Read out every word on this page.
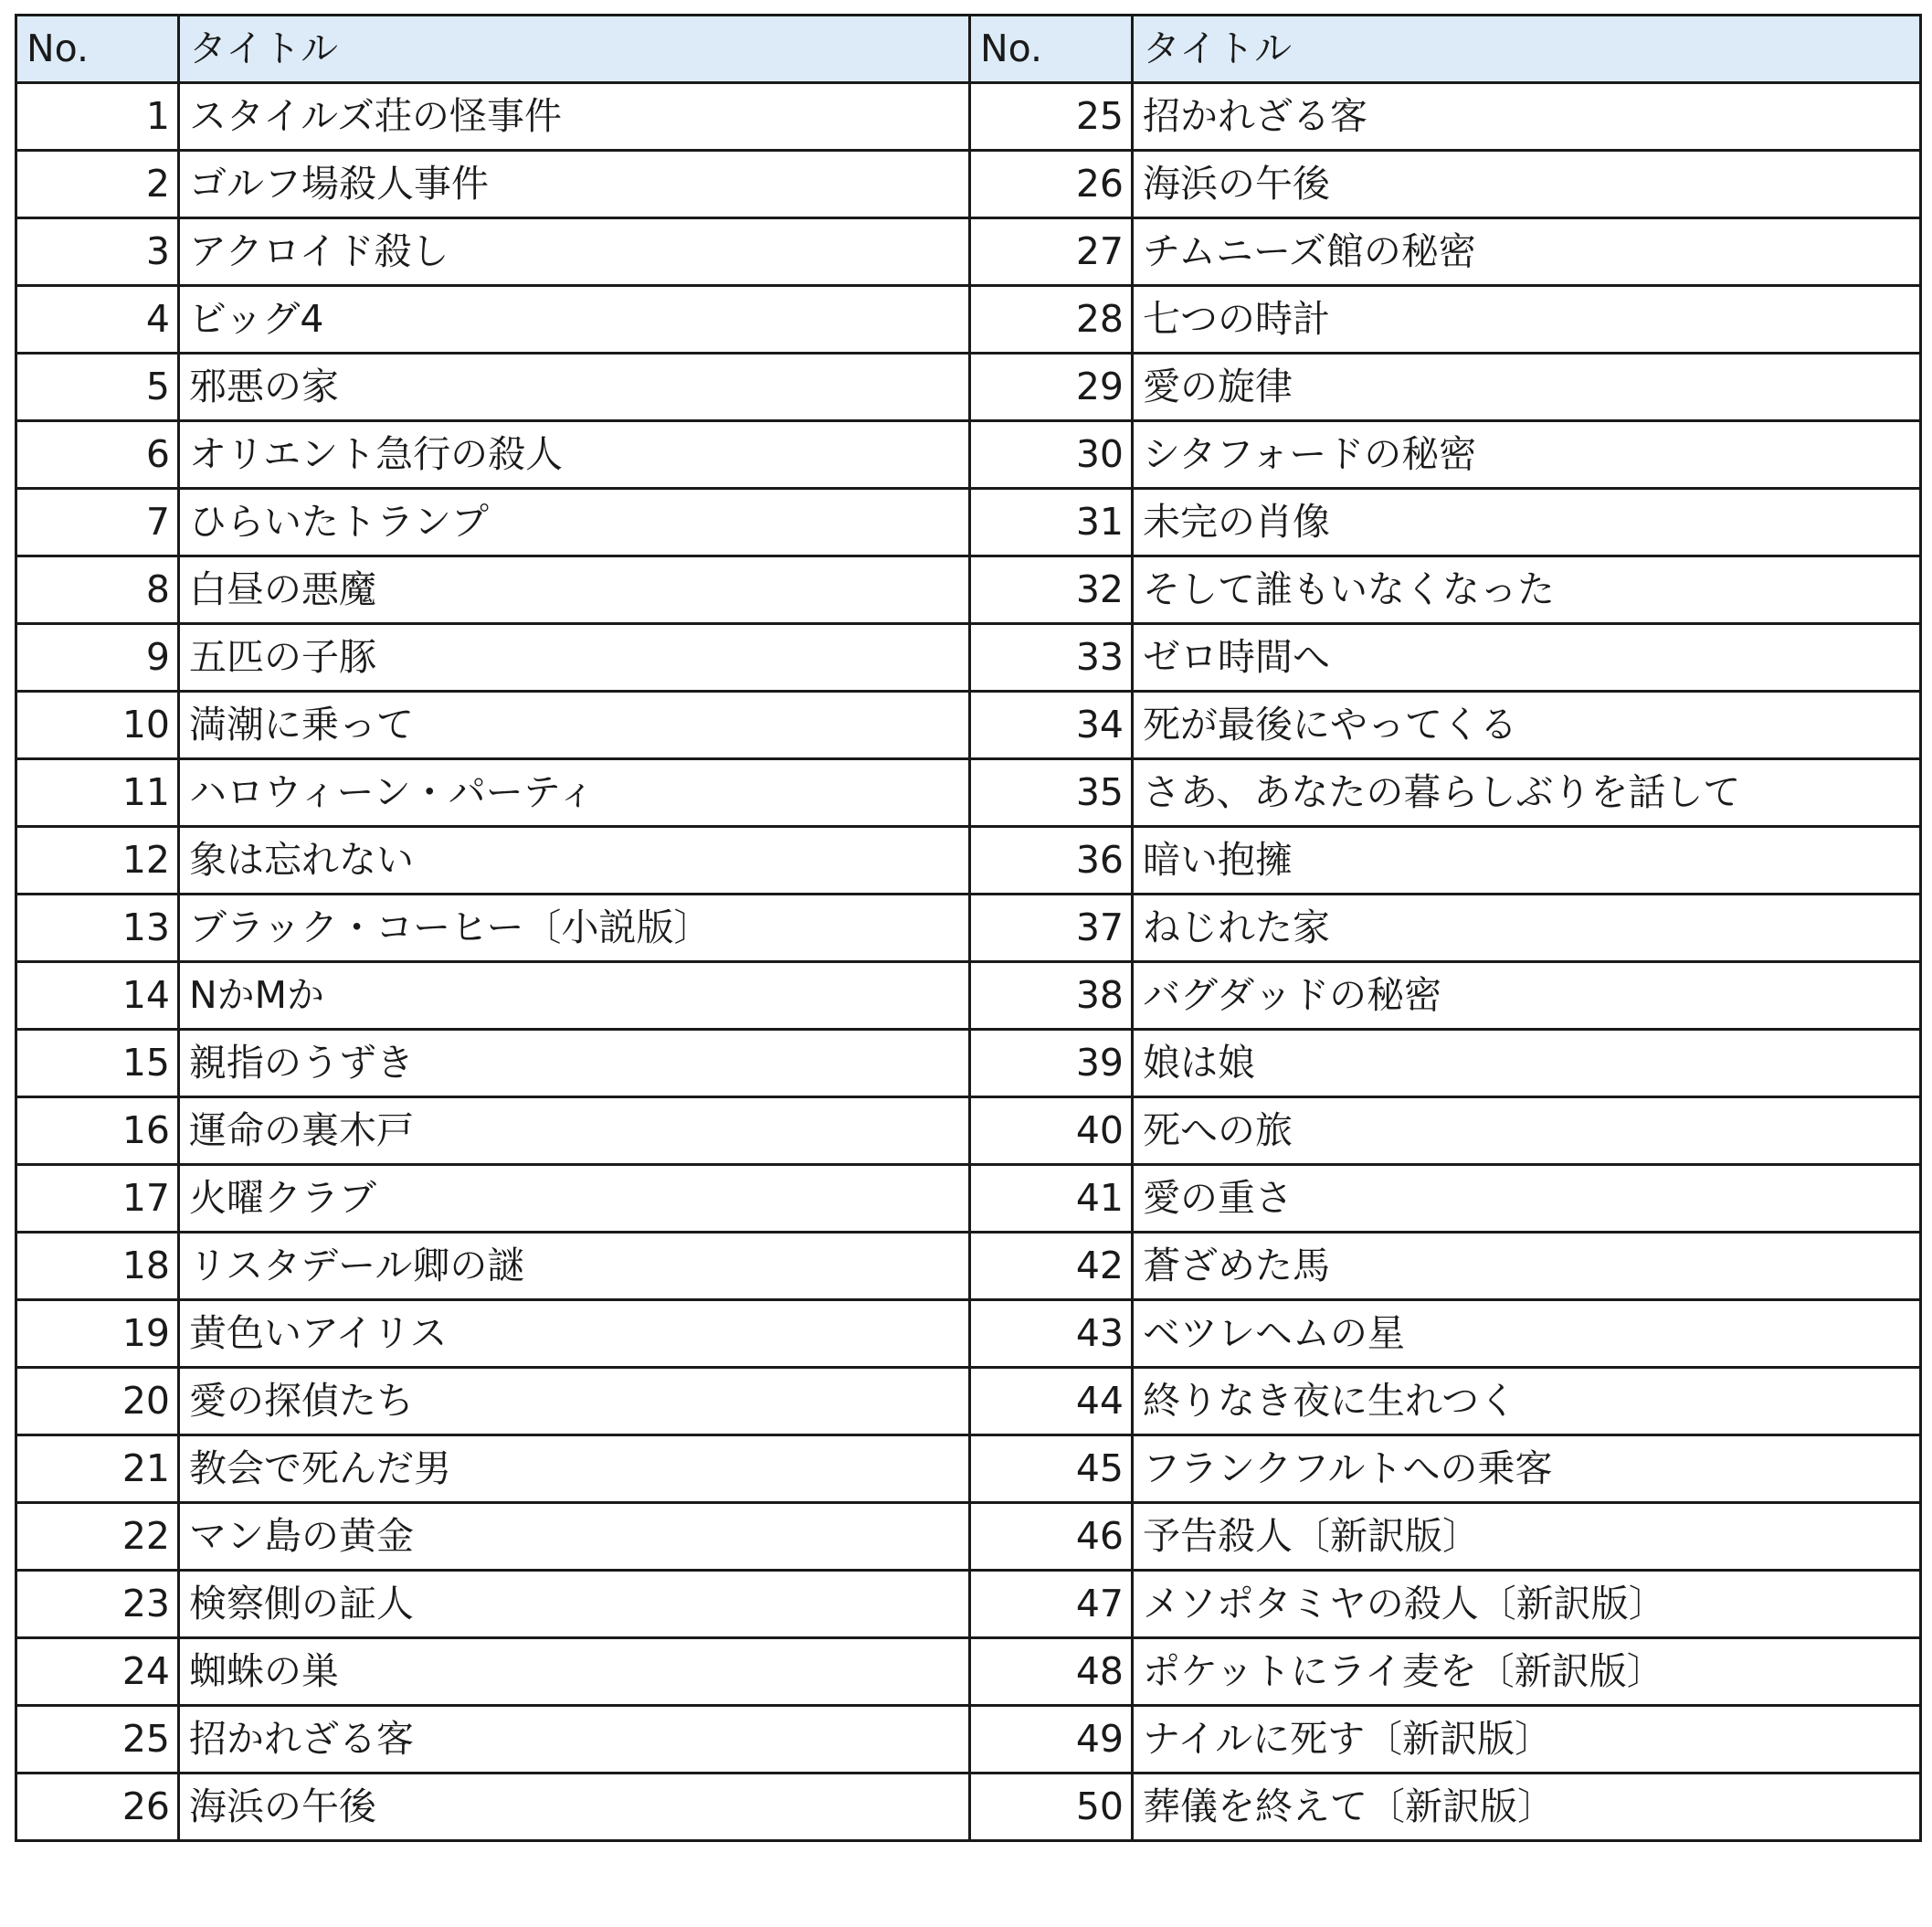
No.	タイトル	No.	タイトル
1	スタイルズ荘の怪事件	25	招かれざる客
2	ゴルフ場殺人事件	26	海浜の午後
3	アクロイド殺し	27	チムニーズ館の秘密
4	ビッグ4	28	七つの時計
5	邪悪の家	29	愛の旋律
6	オリエント急行の殺人	30	シタフォードの秘密
7	ひらいたトランプ	31	未完の肖像
8	白昼の悪魔	32	そして誰もいなくなった
9	五匹の子豚	33	ゼロ時間へ
10	満潮に乗って	34	死が最後にやってくる
11	ハロウィーン・パーティ	35	さあ、あなたの暮らしぶりを話して
12	象は忘れない	36	暗い抱擁
13	ブラック・コーヒー〔小説版〕	37	ねじれた家
14	NかMか	38	バグダッドの秘密
15	親指のうずき	39	娘は娘
16	運命の裏木戸	40	死への旅
17	火曜クラブ	41	愛の重さ
18	リスタデール卿の謎	42	蒼ざめた馬
19	黄色いアイリス	43	ベツレヘムの星
20	愛の探偵たち	44	終りなき夜に生れつく
21	教会で死んだ男	45	フランクフルトへの乗客
22	マン島の黄金	46	予告殺人〔新訳版〕
23	検察側の証人	47	メソポタミヤの殺人〔新訳版〕
24	蜘蛛の巣	48	ポケットにライ麦を〔新訳版〕
25	招かれざる客	49	ナイルに死す〔新訳版〕
26	海浜の午後	50	葬儀を終えて〔新訳版〕
